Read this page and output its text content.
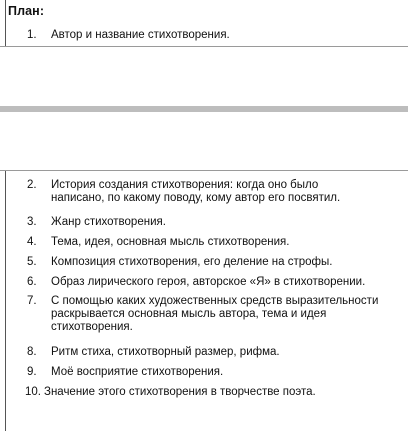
План:
1. Автор и название стихотворения.
2. История создания стихотворения: когда оно было написано, по какому поводу, кому автор его посвятил.
3. Жанр стихотворения.
4. Тема, идея, основная мысль стихотворения.
5. Композиция стихотворения, его деление на строфы.
6. Образ лирического героя, авторское «Я» в стихотворении.
7. С помощью каких художественных средств выразительности раскрывается основная мысль автора, тема и идея стихотворения.
8. Ритм стиха, стихотворный размер, рифма.
9. Моё восприятие стихотворения.
10. Значение этого стихотворения в творчестве поэта.
